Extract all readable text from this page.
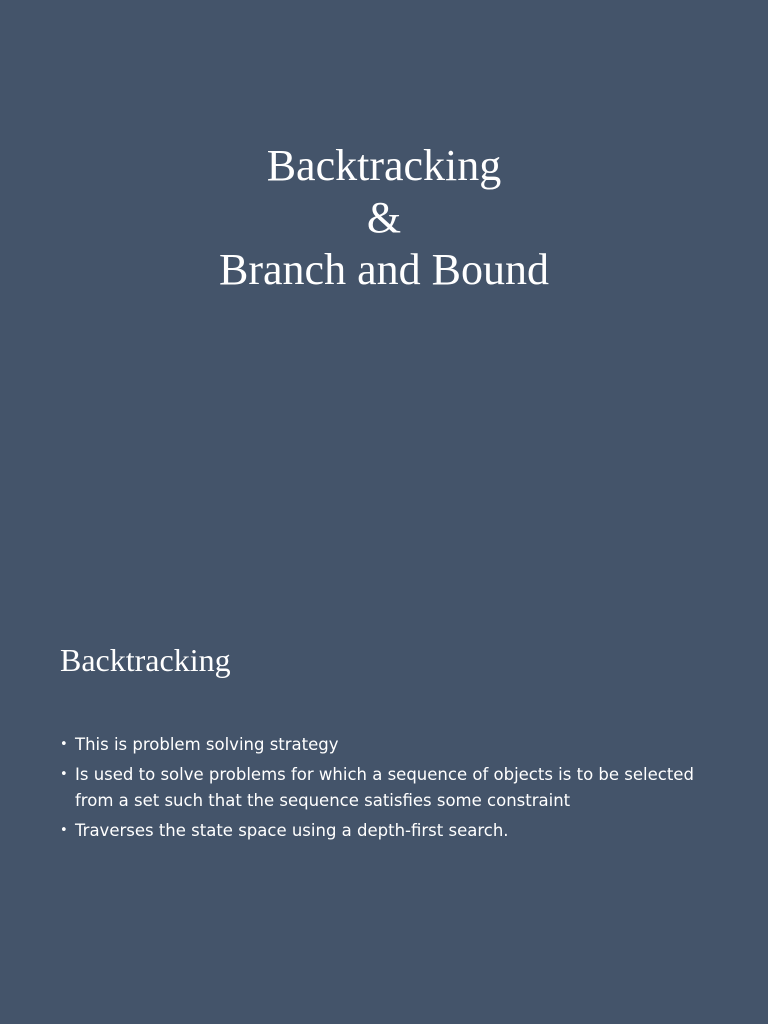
Backtracking
&
Branch and Bound
Backtracking
• This is problem solving strategy
• Is used to solve problems for which a sequence of objects is to be selected from a set such that the sequence satisfies some constraint
• Traverses the state space using a depth-first search.
